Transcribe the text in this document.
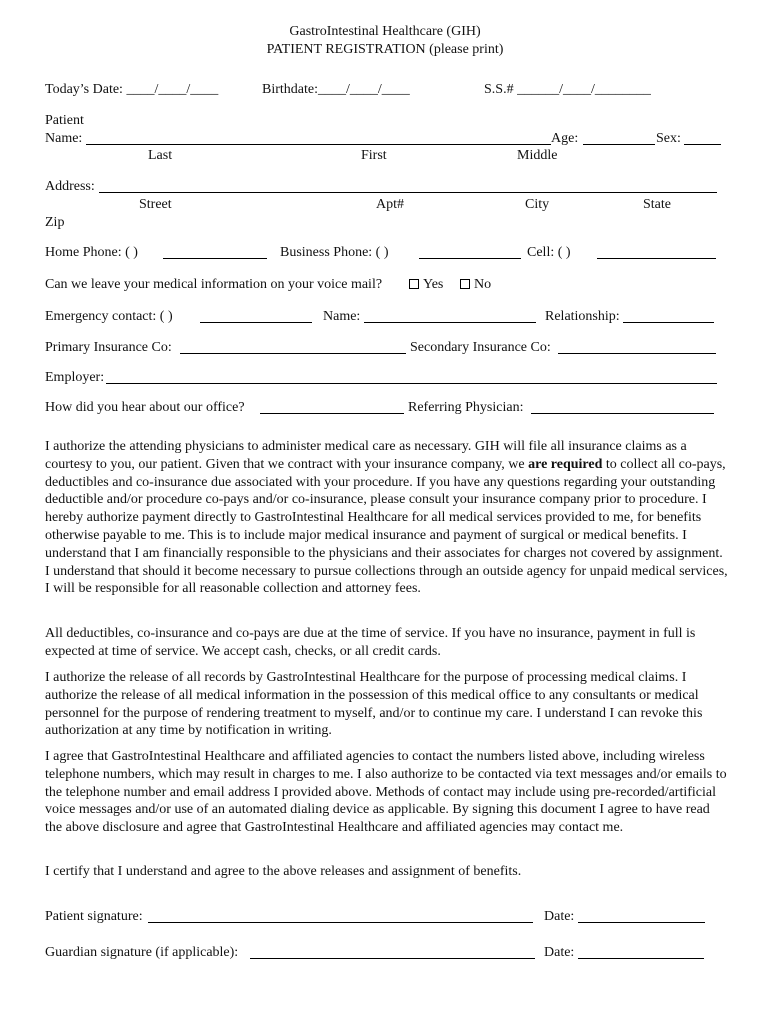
GastroIntestinal Healthcare (GIH)
PATIENT REGISTRATION (please print)
Today’s Date: ____/____/____	Birthdate:____/____/____	S.S.# ______/____/________
Patient
Name:	Age:	Sex:
Last	First	Middle
Address:
Street	Apt#	City	State
Zip
Home Phone: ( )	Business Phone: ( )	Cell: ( )
Can we leave your medical information on your voice mail?	Yes	No
Emergency contact: ( )	Name:	Relationship:
Primary Insurance Co:	Secondary Insurance Co:
Employer:
How did you hear about our office?	Referring Physician:
I authorize the attending physicians to administer medical care as necessary. GIH will file all insurance claims as a courtesy to you, our patient. Given that we contract with your insurance company, we are required to collect all co-pays, deductibles and co-insurance due associated with your procedure. If you have any questions regarding your outstanding deductible and/or procedure co-pays and/or co-insurance, please consult your insurance company prior to procedure. I hereby authorize payment directly to GastroIntestinal Healthcare for all medical services provided to me, for benefits otherwise payable to me. This is to include major medical insurance and payment of surgical or medical benefits. I understand that I am financially responsible to the physicians and their associates for charges not covered by assignment. I understand that should it become necessary to pursue collections through an outside agency for unpaid medical services, I will be responsible for all reasonable collection and attorney fees.
All deductibles, co-insurance and co-pays are due at the time of service. If you have no insurance, payment in full is expected at time of service. We accept cash, checks, or all credit cards.
I authorize the release of all records by GastroIntestinal Healthcare for the purpose of processing medical claims. I authorize the release of all medical information in the possession of this medical office to any consultants or medical personnel for the purpose of rendering treatment to myself, and/or to continue my care. I understand I can revoke this authorization at any time by notification in writing.
I agree that GastroIntestinal Healthcare and affiliated agencies to contact the numbers listed above, including wireless telephone numbers, which may result in charges to me. I also authorize to be contacted via text messages and/or emails to the telephone number and email address I provided above. Methods of contact may include using pre-recorded/artificial voice messages and/or use of an automated dialing device as applicable. By signing this document I agree to have read the above disclosure and agree that GastroIntestinal Healthcare and affiliated agencies may contact me.
I certify that I understand and agree to the above releases and assignment of benefits.
Patient signature:	Date:
Guardian signature (if applicable):	Date:
